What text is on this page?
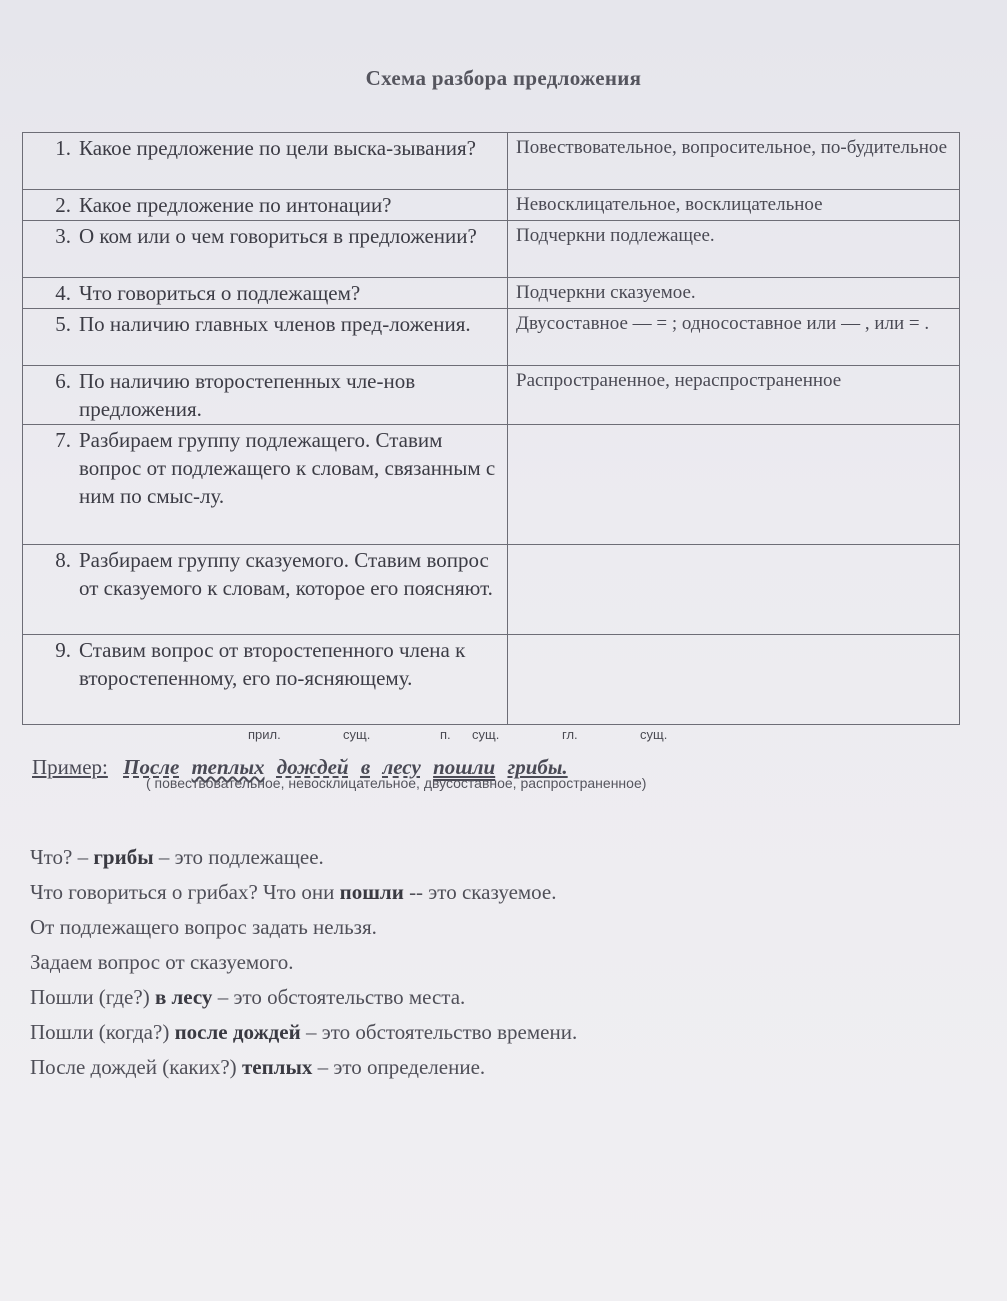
Схема разбора предложения
1. Какое предложение по цели выска-зывания?	Повествовательное, вопросительное, по-будительное

2. Какое предложение по интонации?	Невосклицательное, восклицательное

3. О ком или о чем говориться в предложении?	Подчеркни подлежащее.

4. Что говориться о подлежащем?	Подчеркни сказуемое.

5. По наличию главных членов пред-ложения.	Двусоставное — = ; односоставное или — , или = .

6. По наличию второстепенных чле-нов предложения.	Распространенное, нераспространенное

7. Разбираем группу подлежащего. Ставим вопрос от подлежащего к словам, связанным с ним по смыс-лу.	

8. Разбираем группу сказуемого. Ставим вопрос от сказуемого к словам, которое его поясняют.	

9. Ставим вопрос от второстепенного члена к второстепенному, его по-ясняющему.	

прил.	сущ.	п. сущ.	гл.	сущ.
Пример: После теплых дождей в лесу пошли грибы.
( повествовательное, невосклицательное, двусоставное, распространенное)
Что? – грибы – это подлежащее.
Что говориться о грибах? Что они пошли -- это сказуемое.
От подлежащего вопрос задать нельзя.
Задаем вопрос от сказуемого.
Пошли (где?) в лесу – это обстоятельство места.
Пошли (когда?) после дождей – это обстоятельство времени.
После дождей (каких?) теплых – это определение.
